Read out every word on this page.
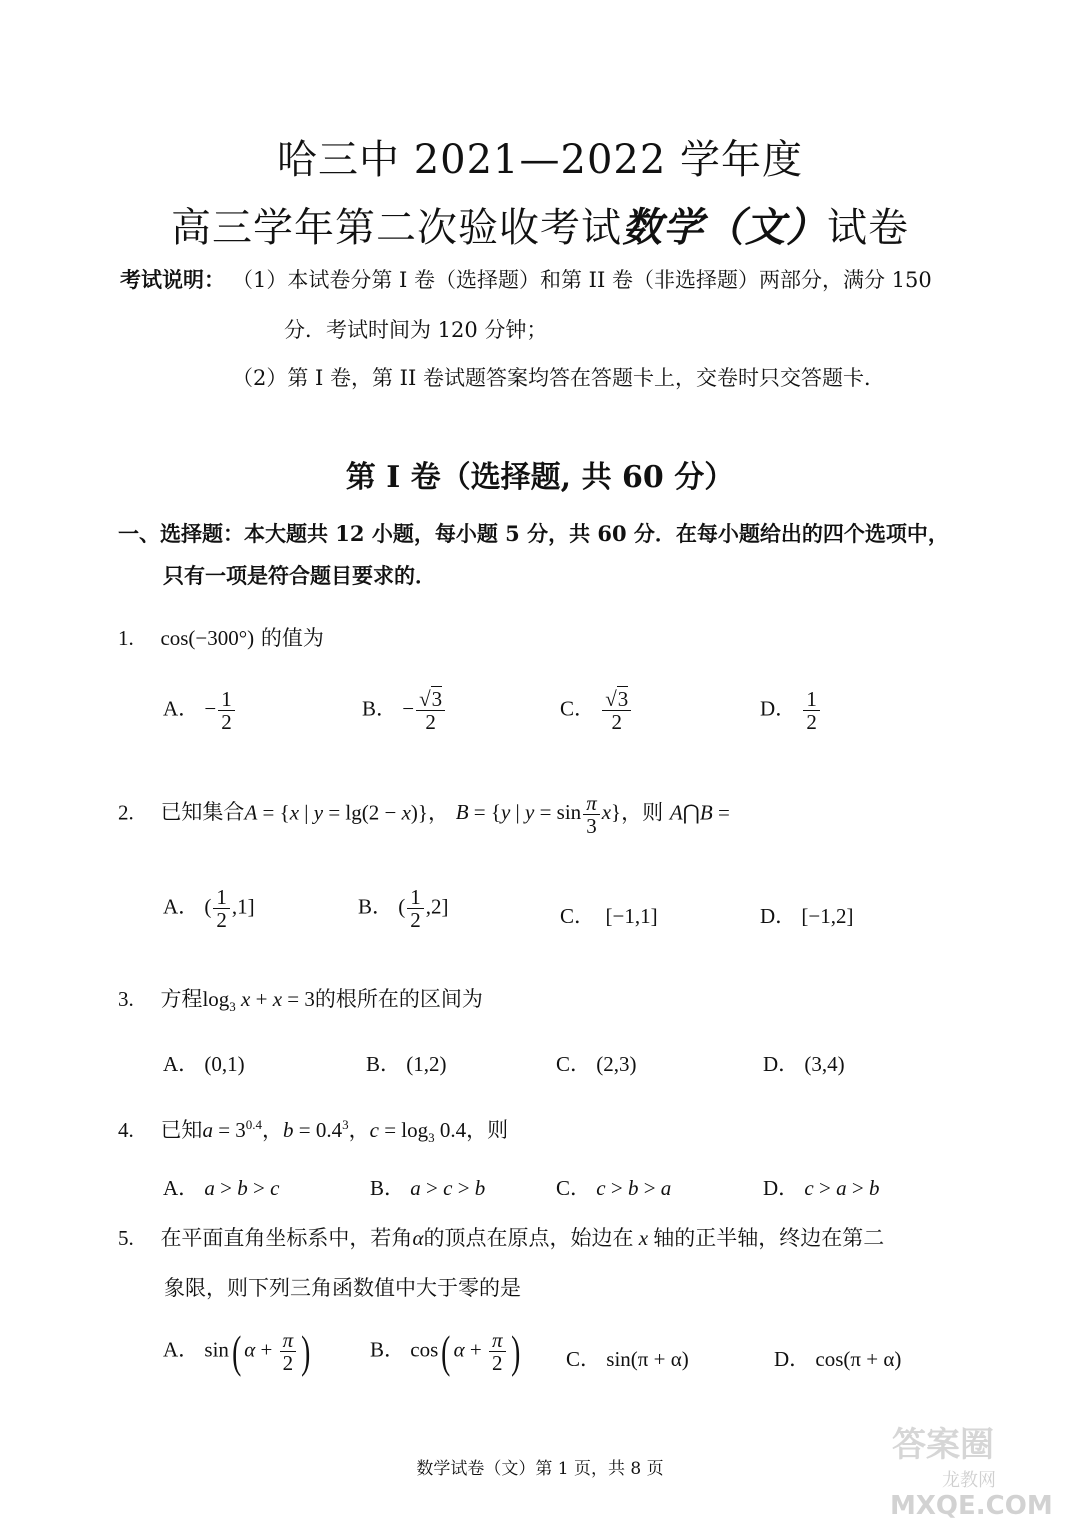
哈三中 2021—2022 学年度
高三学年第二次验收考试数学（文）试卷
考试说明： （1）本试卷分第 I 卷（选择题）和第 II 卷（非选择题）两部分，满分 150
分．考试时间为 120 分钟；
（2）第 I 卷，第 II 卷试题答案均答在答题卡上，交卷时只交答题卡．
第 I 卷（选择题, 共 60 分）
一、选择题：本大题共 12 小题，每小题 5 分，共 60 分．在每小题给出的四个选项中，
只有一项是符合题目要求的．
1. cos(−300°) 的值为
A． − $\frac{1}{2}$	B． − $\frac{√3}{2}$	C． $\frac{√3}{2}$	D． $\frac{1}{2}$
2. 已知集合A = {x | y = lg(2 − x)}， B = {y | $y = \sin \frac{\pi}{3} x$}，则 A⋂B =
A． ( $\frac{1}{2} ,1$]	B． ( $\frac{1}{2} ,2$]	C． [−1,1]	D． [−1,2]
3. 方程$\log_3 x + x = 3$的根所在的区间为
A． (0,1)	B． (1,2)	C． (2,3)	D． (3,4)
4. 已知$a = 3^{0.4}$，$b = 0.4^3$，$c = \log_3 0.4$，则
A． a > b > c	B． a > c > b	C． c > b > a	D． c > a > b
5. 在平面直角坐标系中，若角α的顶点在原点，始边在 x 轴的正半轴，终边在第二
象限，则下列三角函数值中大于零的是
A． sin( $\alpha + \frac{\pi}{2}$ )	B． cos( $\alpha + \frac{\pi}{2}$ ) C． sin(π + α)	D． cos(π + α)
数学试卷（文）第 1 页，共 8 页
答案圈
龙教网
MXQE.COM
